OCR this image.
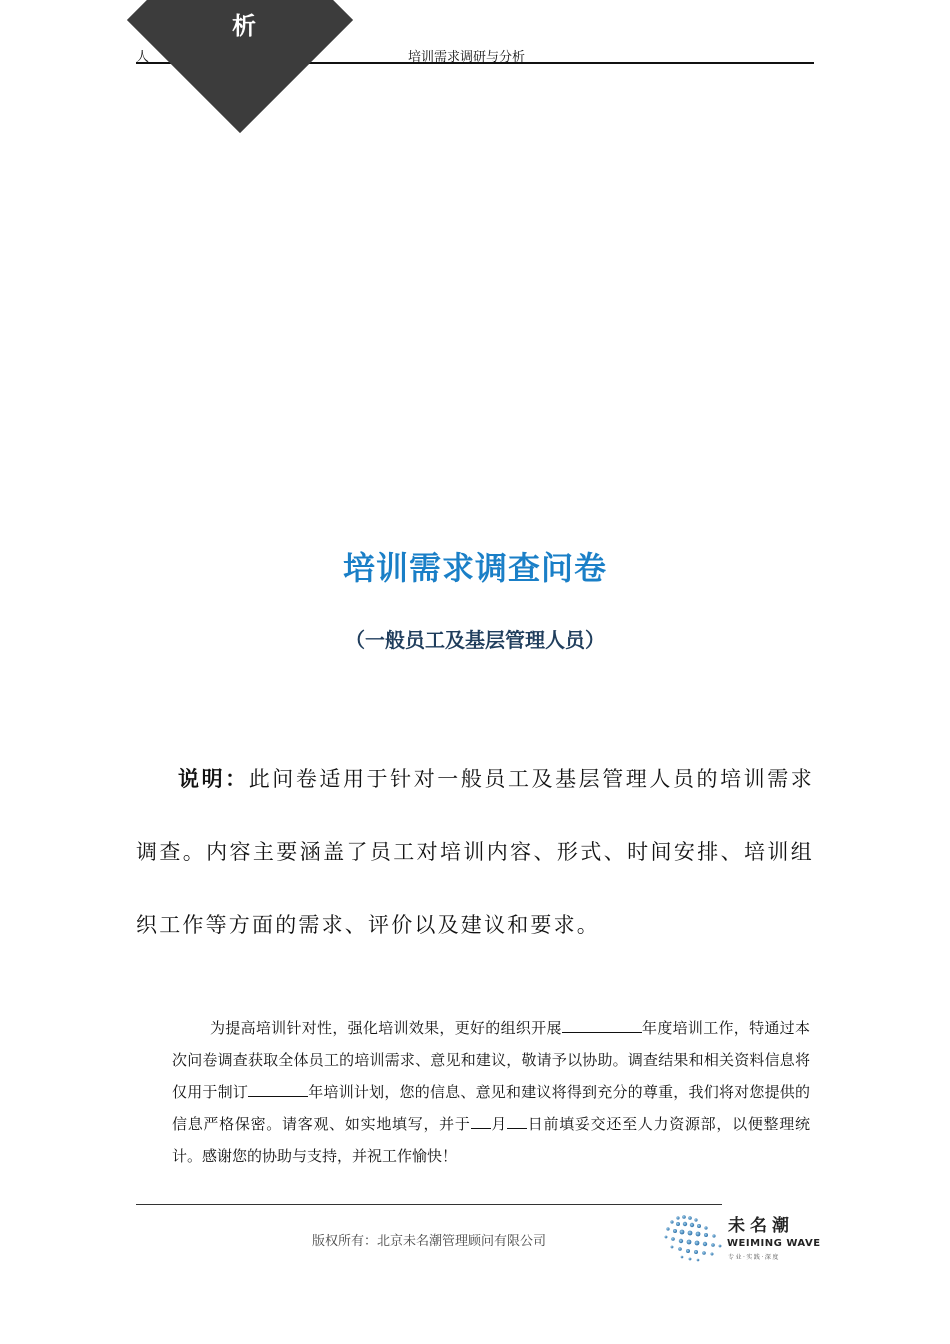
人	培训需求调研与分析
析
培训需求调查问卷
（一般员工及基层管理人员）
说明：此问卷适用于针对一般员工及基层管理人员的培训需求调查。内容主要涵盖了员工对培训内容、形式、时间安排、培训组织工作等方面的需求、评价以及建议和要求。
为提高培训针对性，强化培训效果，更好的组织开展	年度培训工作，特通过本次问卷调查获取全体员工的培训需求、意见和建议，敬请予以协助。调查结果和相关资料信息将仅用于制订	年培训计划，您的信息、意见和建议将得到充分的尊重，我们将对您提供的信息严格保密。请客观、如实地填写，并于 月 日前填妥交还至人力资源部，以便整理统计。感谢您的协助与支持，并祝工作愉快！
版权所有：北京未名潮管理顾问有限公司
未名潮
WEIMING WAVE
专业·实践·深度
